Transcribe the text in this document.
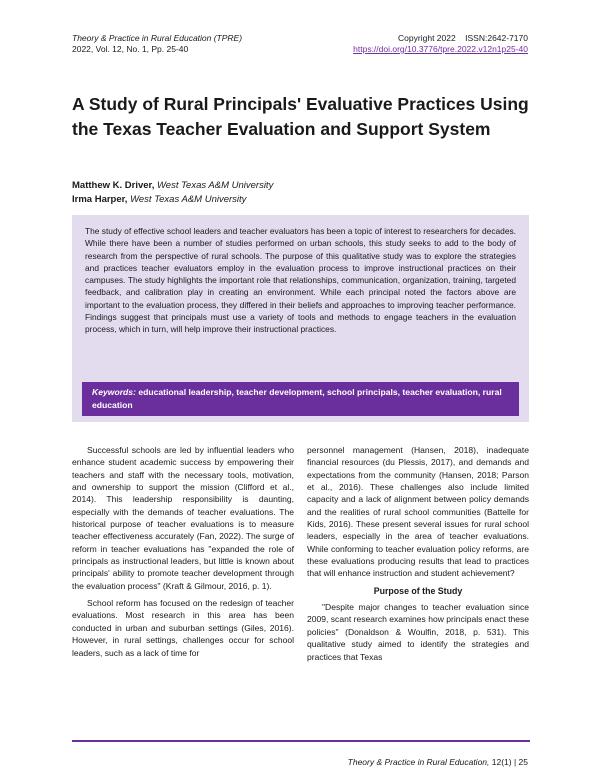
Theory & Practice in Rural Education (TPRE)
2022, Vol. 12, No. 1, Pp. 25-40
Copyright 2022    ISSN:2642-7170
https://doi.org/10.3776/tpre.2022.v12n1p25-40
A Study of Rural Principals' Evaluative Practices Using the Texas Teacher Evaluation and Support System
Matthew K. Driver, West Texas A&M University
Irma Harper, West Texas A&M University

The study of effective school leaders and teacher evaluators has been a topic of interest to researchers for decades. While there have been a number of studies performed on urban schools, this study seeks to add to the body of research from the perspective of rural schools. The purpose of this qualitative study was to explore the strategies and practices teacher evaluators employ in the evaluation process to improve instructional practices on their campuses. The study highlights the important role that relationships, communication, organization, training, targeted feedback, and calibration play in creating an environment. While each principal noted the factors above are important to the evaluation process, they differed in their beliefs and approaches to improving teacher performance. Findings suggest that principals must use a variety of tools and methods to engage teachers in the evaluation process, which in turn, will help improve their instructional practices.

Keywords: educational leadership, teacher development, school principals, teacher evaluation, rural education

Successful schools are led by influential leaders who enhance student academic success by empowering their teachers and staff with the necessary tools, motivation, and ownership to support the mission (Clifford et al., 2014). This leadership responsibility is daunting, especially with the demands of teacher evaluations. The historical purpose of teacher evaluations is to measure teacher effectiveness accurately (Fan, 2022). The surge of reform in teacher evaluations has "expanded the role of principals as instructional leaders, but little is known about principals' ability to promote teacher development through the evaluation process" (Kraft & Gilmour, 2016, p. 1).

School reform has focused on the redesign of teacher evaluations. Most research in this area has been conducted in urban and suburban settings (Giles, 2016). However, in rural settings, challenges occur for school leaders, such as a lack of time for

personnel management (Hansen, 2018), inadequate financial resources (du Plessis, 2017), and demands and expectations from the community (Hansen, 2018; Parson et al., 2016). These challenges also include limited capacity and a lack of alignment between policy demands and the realities of rural school communities (Battelle for Kids, 2016). These present several issues for rural school leaders, especially in the area of teacher evaluations. While conforming to teacher evaluation policy reforms, are these evaluations producing results that lead to practices that will enhance instruction and student achievement?

Purpose of the Study

"Despite major changes to teacher evaluation since 2009, scant research examines how principals enact these policies" (Donaldson & Woulfin, 2018, p. 531). This qualitative study aimed to identify the strategies and practices that Texas

Theory & Practice in Rural Education, 12(1) | 25
